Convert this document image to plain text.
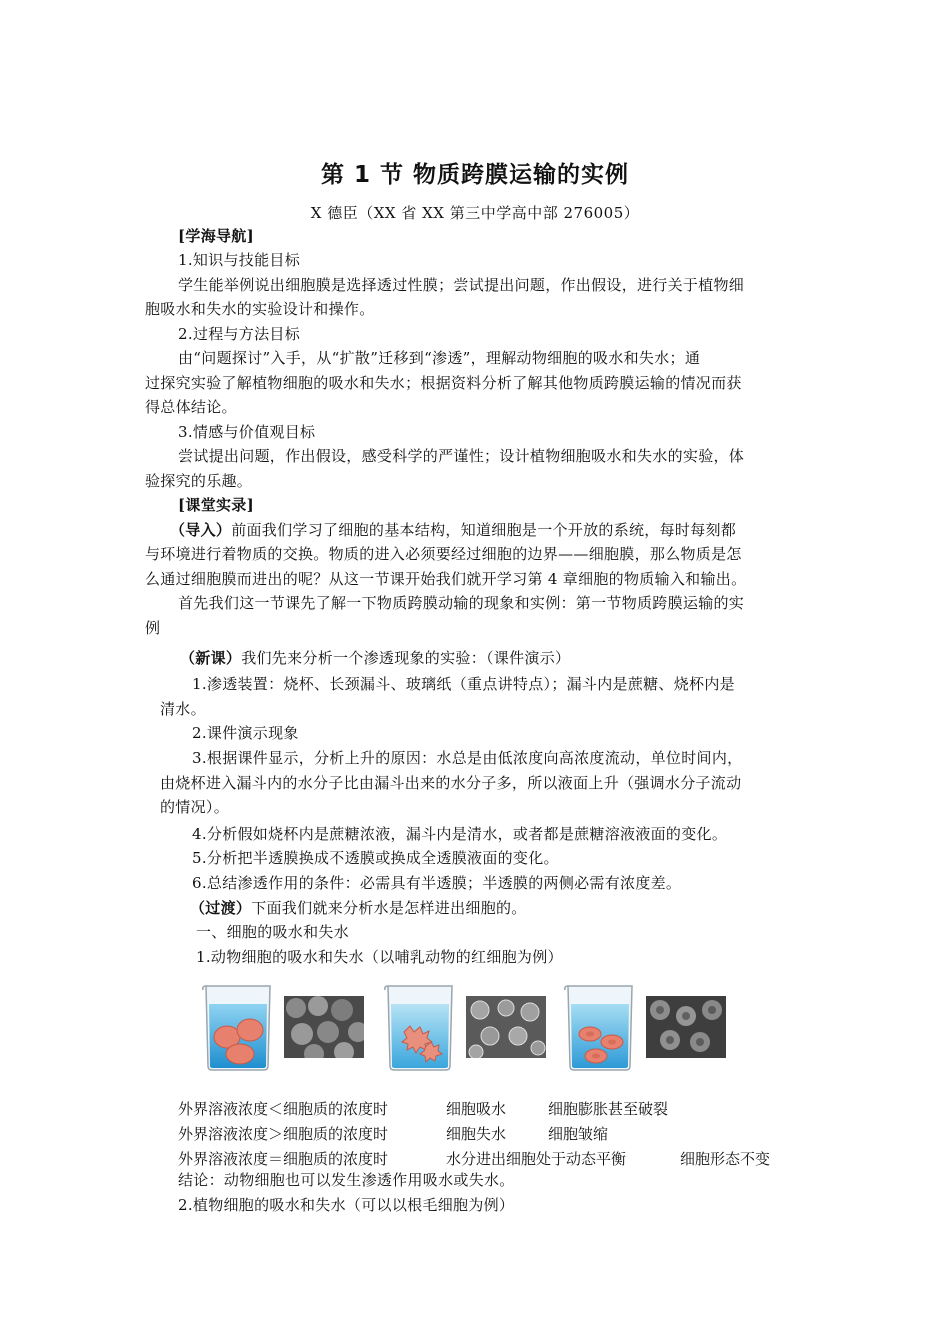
第 1 节 物质跨膜运输的实例
X 德臣（XX 省 XX 第三中学高中部 276005）
[学海导航]
1.知识与技能目标
学生能举例说出细胞膜是选择透过性膜；尝试提出问题，作出假设，进行关于植物细
胞吸水和失水的实验设计和操作。
2.过程与方法目标
由“问题探讨”入手，从“扩散”迁移到“渗透”，理解动物细胞的吸水和失水；通
过探究实验了解植物细胞的吸水和失水；根据资料分析了解其他物质跨膜运输的情况而获
得总体结论。
3.情感与价值观目标
尝试提出问题，作出假设，感受科学的严谨性；设计植物细胞吸水和失水的实验，体
验探究的乐趣。
[课堂实录]
（导入）前面我们学习了细胞的基本结构，知道细胞是一个开放的系统，每时每刻都
与环境进行着物质的交换。物质的进入必须要经过细胞的边界——细胞膜，那么物质是怎
么通过细胞膜而进出的呢？从这一节课开始我们就开学习第 4 章细胞的物质输入和输出。
首先我们这一节课先了解一下物质跨膜动输的现象和实例：第一节物质跨膜运输的实
例
（新课）我们先来分析一个渗透现象的实验：（课件演示）
1.渗透装置：烧杯、长颈漏斗、玻璃纸（重点讲特点）；漏斗内是蔗糖、烧杯内是
清水。
2.课件演示现象
3.根据课件显示，分析上升的原因：水总是由低浓度向高浓度流动，单位时间内，
由烧杯进入漏斗内的水分子比由漏斗出来的水分子多，所以液面上升（强调水分子流动
的情况）。
4.分析假如烧杯内是蔗糖浓液，漏斗内是清水，或者都是蔗糖溶液液面的变化。
5.分析把半透膜换成不透膜或换成全透膜液面的变化。
6.总结渗透作用的条件：必需具有半透膜；半透膜的两侧必需有浓度差。
（过渡）下面我们就来分析水是怎样进出细胞的。
一、细胞的吸水和失水
1.动物细胞的吸水和失水（以哺乳动物的红细胞为例）
外界溶液浓度＜细胞质的浓度时	细胞吸水	细胞膨胀甚至破裂
外界溶液浓度＞细胞质的浓度时	细胞失水	细胞皱缩
外界溶液浓度＝细胞质的浓度时	水分进出细胞处于动态平衡	细胞形态不变
结论：动物细胞也可以发生渗透作用吸水或失水。
2.植物细胞的吸水和失水（可以以根毛细胞为例）
